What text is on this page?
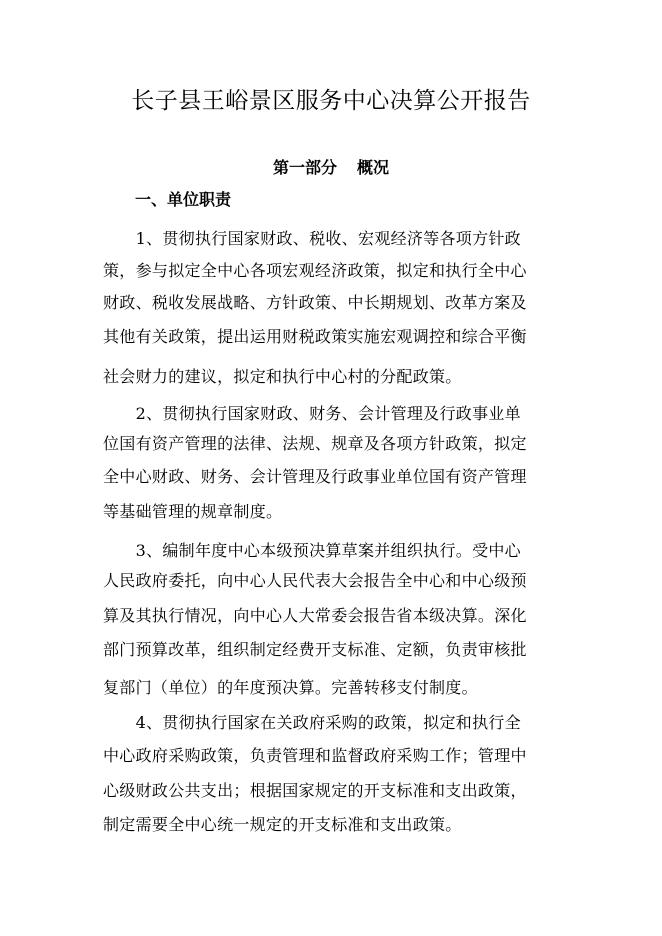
长子县王峪景区服务中心决算公开报告
第一部分 概况
一、单位职责
　　1、贯彻执行国家财政、税收、宏观经济等各项方针政
策，参与拟定全中心各项宏观经济政策，拟定和执行全中心
财政、税收发展战略、方针政策、中长期规划、改革方案及
其他有关政策，提出运用财税政策实施宏观调控和综合平衡
社会财力的建议，拟定和执行中心村的分配政策。
　　2、贯彻执行国家财政、财务、会计管理及行政事业单
位国有资产管理的法律、法规、规章及各项方针政策，拟定
全中心财政、财务、会计管理及行政事业单位国有资产管理
等基础管理的规章制度。
　　3、编制年度中心本级预决算草案并组织执行。受中心
人民政府委托，向中心人民代表大会报告全中心和中心级预
算及其执行情况，向中心人大常委会报告省本级决算。深化
部门预算改革，组织制定经费开支标准、定额，负责审核批
复部门（单位）的年度预决算。完善转移支付制度。
　　4、贯彻执行国家在关政府采购的政策，拟定和执行全
中心政府采购政策，负责管理和监督政府采购工作；管理中
心级财政公共支出；根据国家规定的开支标准和支出政策，
制定需要全中心统一规定的开支标准和支出政策。
